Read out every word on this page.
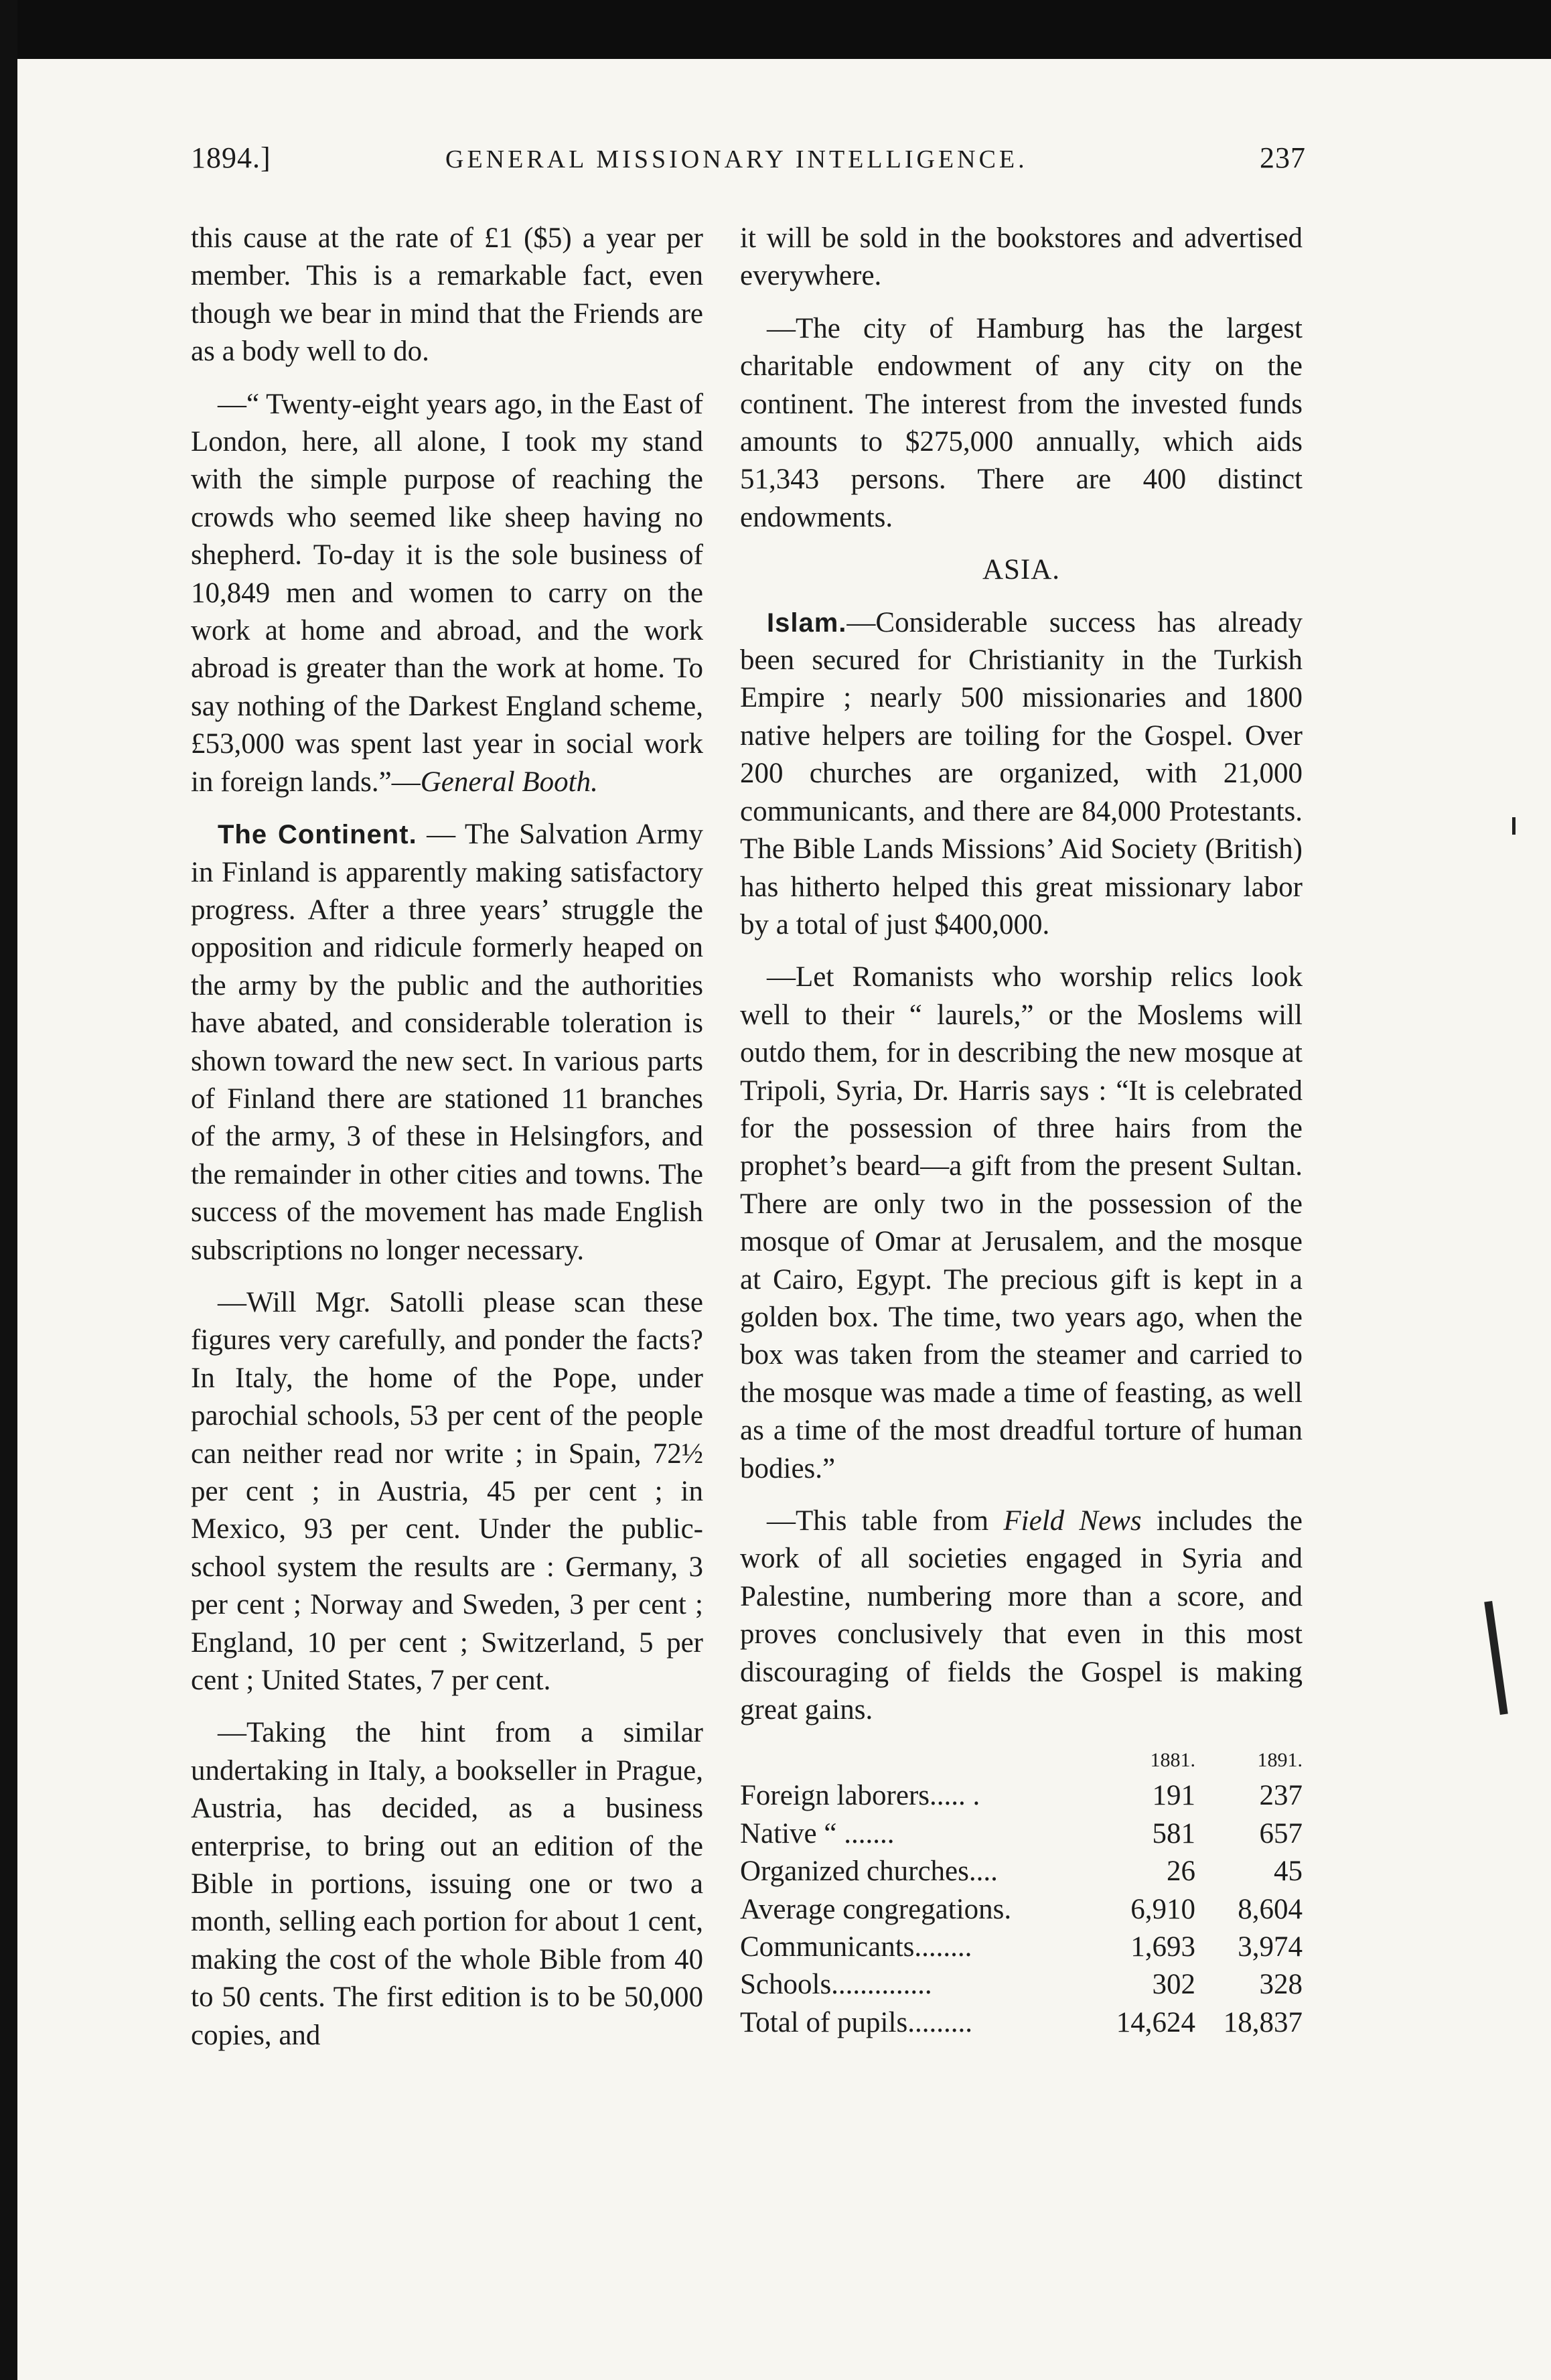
1894.]	GENERAL MISSIONARY INTELLIGENCE.	237

this cause at the rate of £1 ($5) a year per member. This is a remarkable fact, even though we bear in mind that the Friends are as a body well to do.

—“ Twenty-eight years ago, in the East of London, here, all alone, I took my stand with the simple purpose of reaching the crowds who seemed like sheep having no shepherd. To-day it is the sole business of 10,849 men and women to carry on the work at home and abroad, and the work abroad is greater than the work at home. To say nothing of the Darkest England scheme, £53,000 was spent last year in social work in foreign lands.”—General Booth.

The Continent. — The Salvation Army in Finland is apparently making satisfactory progress. After a three years’ struggle the opposition and ridicule formerly heaped on the army by the public and the authorities have abated, and considerable toleration is shown toward the new sect. In various parts of Finland there are stationed 11 branches of the army, 3 of these in Helsingfors, and the remainder in other cities and towns. The success of the movement has made English subscriptions no longer necessary.

—Will Mgr. Satolli please scan these figures very carefully, and ponder the facts? In Italy, the home of the Pope, under parochial schools, 53 per cent of the people can neither read nor write ; in Spain, 72½ per cent ; in Austria, 45 per cent ; in Mexico, 93 per cent. Under the public-school system the results are : Germany, 3 per cent ; Norway and Sweden, 3 per cent ; England, 10 per cent ; Switzerland, 5 per cent ; United States, 7 per cent.

—Taking the hint from a similar undertaking in Italy, a bookseller in Prague, Austria, has decided, as a business enterprise, to bring out an edition of the Bible in portions, issuing one or two a month, selling each portion for about 1 cent, making the cost of the whole Bible from 40 to 50 cents. The first edition is to be 50,000 copies, and

it will be sold in the bookstores and advertised everywhere.

—The city of Hamburg has the largest charitable endowment of any city on the continent. The interest from the invested funds amounts to $275,000 annually, which aids 51,343 persons. There are 400 distinct endowments.

ASIA.

Islam.—Considerable success has already been secured for Christianity in the Turkish Empire ; nearly 500 missionaries and 1800 native helpers are toiling for the Gospel. Over 200 churches are organized, with 21,000 communicants, and there are 84,000 Protestants. The Bible Lands Missions’ Aid Society (British) has hitherto helped this great missionary labor by a total of just $400,000.

—Let Romanists who worship relics look well to their “ laurels,” or the Moslems will outdo them, for in describing the new mosque at Tripoli, Syria, Dr. Harris says : “It is celebrated for the possession of three hairs from the prophet’s beard—a gift from the present Sultan. There are only two in the possession of the mosque of Omar at Jerusalem, and the mosque at Cairo, Egypt. The precious gift is kept in a golden box. The time, two years ago, when the box was taken from the steamer and carried to the mosque was made a time of feasting, as well as a time of the most dreadful torture of human bodies.”

—This table from Field News includes the work of all societies engaged in Syria and Palestine, numbering more than a score, and proves conclusively that even in this most discouraging of fields the Gospel is making great gains.

	1881.	1891.
Foreign laborers..... .	191	237
Native “ .......	581	657
Organized churches....	26	45
Average congregations.	6,910	8,604
Communicants........	1,693	3,974
Schools..............	302	328
Total of pupils.........	14,624	18,837
